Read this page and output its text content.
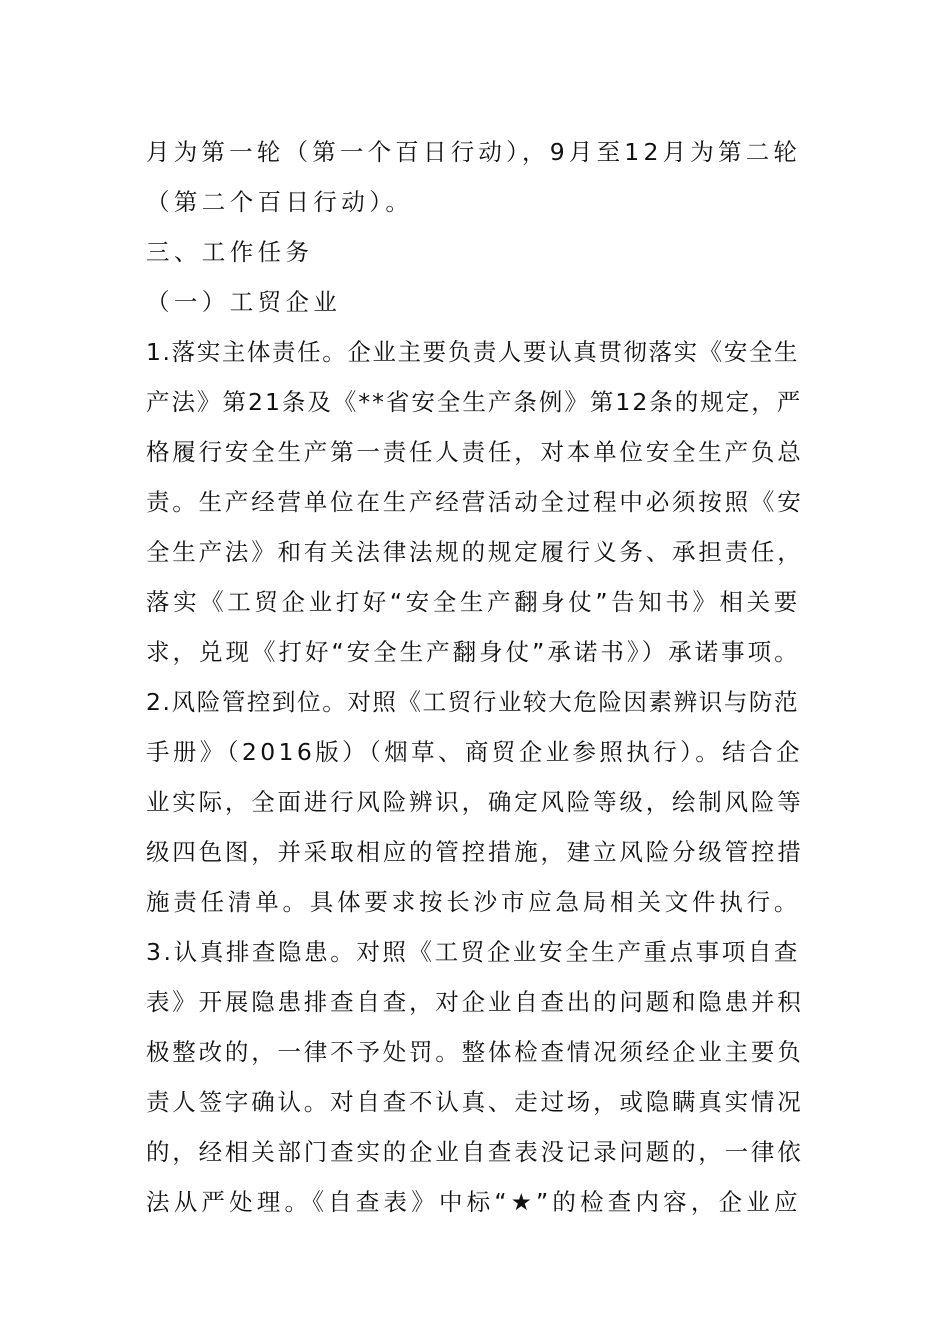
月为第一轮（第一个百日行动），9月至12月为第二轮
（第二个百日行动）。
三、工作任务
（一）工贸企业
1.落实主体责任。企业主要负责人要认真贯彻落实《安全生
产法》第21条及《**省安全生产条例》第12条的规定，严
格履行安全生产第一责任人责任，对本单位安全生产负总
责。生产经营单位在生产经营活动全过程中必须按照《安
全生产法》和有关法律法规的规定履行义务、承担责任，
落实《工贸企业打好“安全生产翻身仗”告知书》相关要
求，兑现《打好“安全生产翻身仗”承诺书》）承诺事项。
2.风险管控到位。对照《工贸行业较大危险因素辨识与防范
手册》（2016版）（烟草、商贸企业参照执行）。结合企
业实际，全面进行风险辨识，确定风险等级，绘制风险等
级四色图，并采取相应的管控措施，建立风险分级管控措
施责任清单。具体要求按长沙市应急局相关文件执行。
3.认真排查隐患。对照《工贸企业安全生产重点事项自查
表》开展隐患排查自查，对企业自查出的问题和隐患并积
极整改的，一律不予处罚。整体检查情况须经企业主要负
责人签字确认。对自查不认真、走过场，或隐瞒真实情况
的，经相关部门查实的企业自查表没记录问题的，一律依
法从严处理。《自查表》中标“★”的检查内容，企业应
